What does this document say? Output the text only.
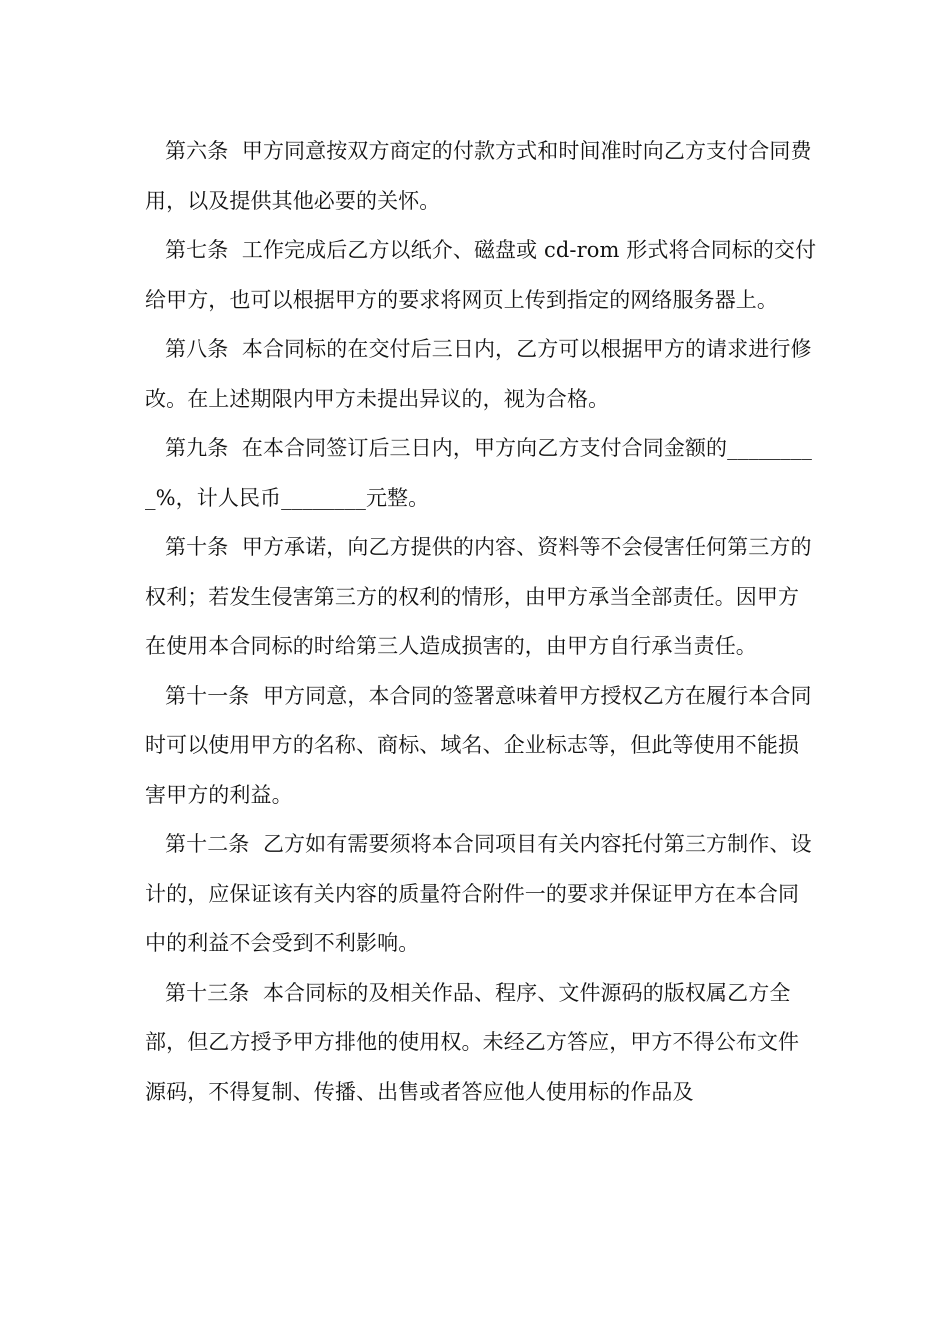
第六条  甲方同意按双方商定的付款方式和时间准时向乙方支付合同费用，以及提供其他必要的关怀。

第七条  工作完成后乙方以纸介、磁盘或 cd-rom 形式将合同标的交付给甲方，也可以根据甲方的要求将网页上传到指定的网络服务器上。

第八条  本合同标的在交付后三日内，乙方可以根据甲方的请求进行修改。在上述期限内甲方未提出异议的，视为合格。

第九条  在本合同签订后三日内，甲方向乙方支付合同金额的_________%，计人民币________元整。

第十条  甲方承诺，向乙方提供的内容、资料等不会侵害任何第三方的权利；若发生侵害第三方的权利的情形，由甲方承当全部责任。因甲方在使用本合同标的时给第三人造成损害的，由甲方自行承当责任。

第十一条  甲方同意，本合同的签署意味着甲方授权乙方在履行本合同时可以使用甲方的名称、商标、域名、企业标志等，但此等使用不能损害甲方的利益。

第十二条  乙方如有需要须将本合同项目有关内容托付第三方制作、设计的，应保证该有关内容的质量符合附件一的要求并保证甲方在本合同中的利益不会受到不利影响。

第十三条  本合同标的及相关作品、程序、文件源码的版权属乙方全部，但乙方授予甲方排他的使用权。未经乙方答应，甲方不得公布文件源码，不得复制、传播、出售或者答应他人使用标的作品及
